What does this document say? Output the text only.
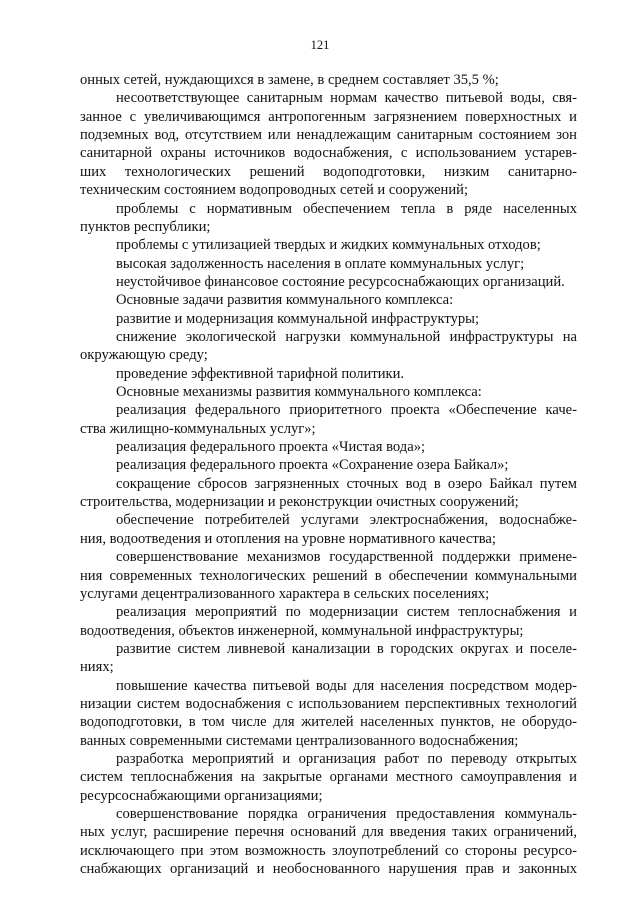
121
онных сетей, нуждающихся в замене, в среднем составляет 35,5 %;
несоответствующее санитарным нормам качество питьевой воды, свя-
занное с увеличивающимся антропогенным загрязнением поверхностных и
подземных вод, отсутствием или ненадлежащим санитарным состоянием зон
санитарной охраны источников водоснабжения, с использованием устарев-
ших технологических решений водоподготовки, низким санитарно-
техническим состоянием водопроводных сетей и сооружений;
проблемы с нормативным обеспечением тепла в ряде населенных
пунктов республики;
проблемы с утилизацией твердых и жидких коммунальных отходов;
высокая задолженность населения в оплате коммунальных услуг;
неустойчивое финансовое состояние ресурсоснабжающих организаций.
Основные задачи развития коммунального комплекса:
развитие и модернизация коммунальной инфраструктуры;
снижение экологической нагрузки коммунальной инфраструктуры на
окружающую среду;
проведение эффективной тарифной политики.
Основные механизмы развития коммунального комплекса:
реализация федерального приоритетного проекта «Обеспечение каче-
ства жилищно-коммунальных услуг»;
реализация федерального проекта «Чистая вода»;
реализация федерального проекта «Сохранение озера Байкал»;
сокращение сбросов загрязненных сточных вод в озеро Байкал путем
строительства, модернизации и реконструкции очистных сооружений;
обеспечение потребителей услугами электроснабжения, водоснабже-
ния, водоотведения и отопления на уровне нормативного качества;
совершенствование механизмов государственной поддержки примене-
ния современных технологических решений в обеспечении коммунальными
услугами децентрализованного характера в сельских поселениях;
реализация мероприятий по модернизации систем теплоснабжения и
водоотведения, объектов инженерной, коммунальной инфраструктуры;
развитие систем ливневой канализации в городских округах и поселе-
ниях;
повышение качества питьевой воды для населения посредством модер-
низации систем водоснабжения с использованием перспективных технологий
водоподготовки, в том числе для жителей населенных пунктов, не оборудо-
ванных современными системами централизованного водоснабжения;
разработка мероприятий и организация работ по переводу открытых
систем теплоснабжения на закрытые органами местного самоуправления и
ресурсоснабжающими организациями;
совершенствование порядка ограничения предоставления коммуналь-
ных услуг, расширение перечня оснований для введения таких ограничений,
исключающего при этом возможность злоупотреблений со стороны ресурсо-
снабжающих организаций и необоснованного нарушения прав и законных
